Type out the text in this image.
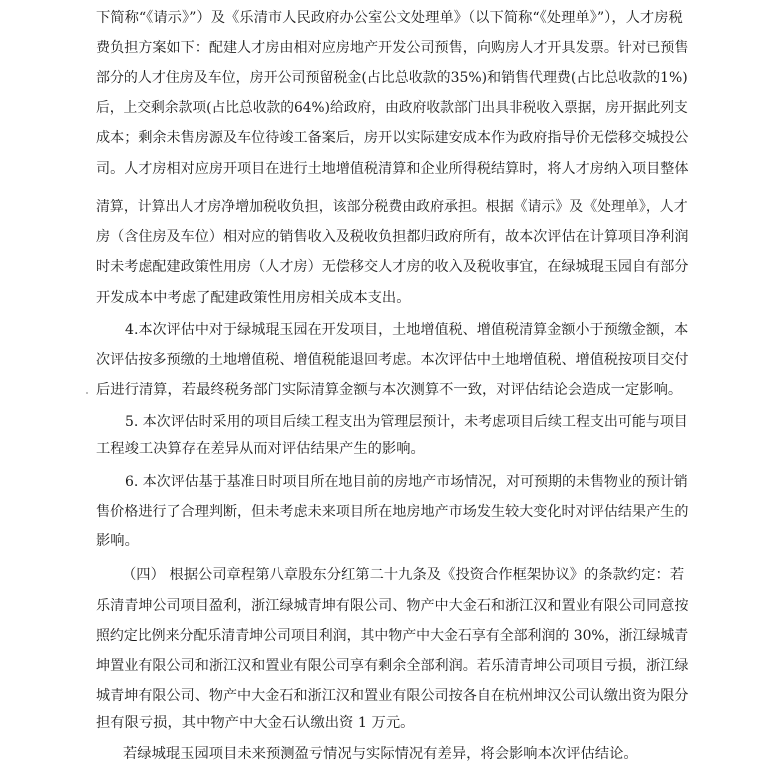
下简称“《请示》”）及《乐清市人民政府办公室公文处理单》（以下简称“《处理单》”），人才房税
费负担方案如下：配建人才房由相对应房地产开发公司预售，向购房人才开具发票。针对已预售
部分的人才住房及车位，房开公司预留税金(占比总收款的35%)和销售代理费(占比总收款的1%)
后，上交剩余款项(占比总收款的64%)给政府，由政府收款部门出具非税收入票据，房开据此列支
成本；剩余未售房源及车位待竣工备案后，房开以实际建安成本作为政府指导价无偿移交城投公
司。人才房相对应房开项目在进行土地增值税清算和企业所得税结算时，将人才房纳入项目整体
清算，计算出人才房净增加税收负担，该部分税费由政府承担。根据《请示》及《处理单》，人才
房（含住房及车位）相对应的销售收入及税收负担都归政府所有，故本次评估在计算项目净利润
时未考虑配建政策性用房（人才房）无偿移交人才房的收入及税收事宜，在绿城琨玉园自有部分
开发成本中考虑了配建政策性用房相关成本支出。
4.本次评估中对于绿城琨玉园在开发项目，土地增值税、增值税清算金额小于预缴金额，本
次评估按多预缴的土地增值税、增值税能退回考虑。本次评估中土地增值税、增值税按项目交付
后进行清算，若最终税务部门实际清算金额与本次测算不一致，对评估结论会造成一定影响。
5. 本次评估时采用的项目后续工程支出为管理层预计，未考虑项目后续工程支出可能与项目
工程竣工决算存在差异从而对评估结果产生的影响。
6. 本次评估基于基准日时项目所在地目前的房地产市场情况，对可预期的未售物业的预计销
售价格进行了合理判断，但未考虑未来项目所在地房地产市场发生较大变化时对评估结果产生的
影响。
（四） 根据公司章程第八章股东分红第二十九条及《投资合作框架协议》的条款约定：若
乐清青坤公司项目盈利，浙江绿城青坤有限公司、物产中大金石和浙江汉和置业有限公司同意按
照约定比例来分配乐清青坤公司项目利润，其中物产中大金石享有全部利润的 30%，浙江绿城青
坤置业有限公司和浙江汉和置业有限公司享有剩余全部利润。若乐清青坤公司项目亏损，浙江绿
城青坤有限公司、物产中大金石和浙江汉和置业有限公司按各自在杭州坤汉公司认缴出资为限分
担有限亏损，其中物产中大金石认缴出资 1 万元。
若绿城琨玉园项目未来预测盈亏情况与实际情况有差异，将会影响本次评估结论。
